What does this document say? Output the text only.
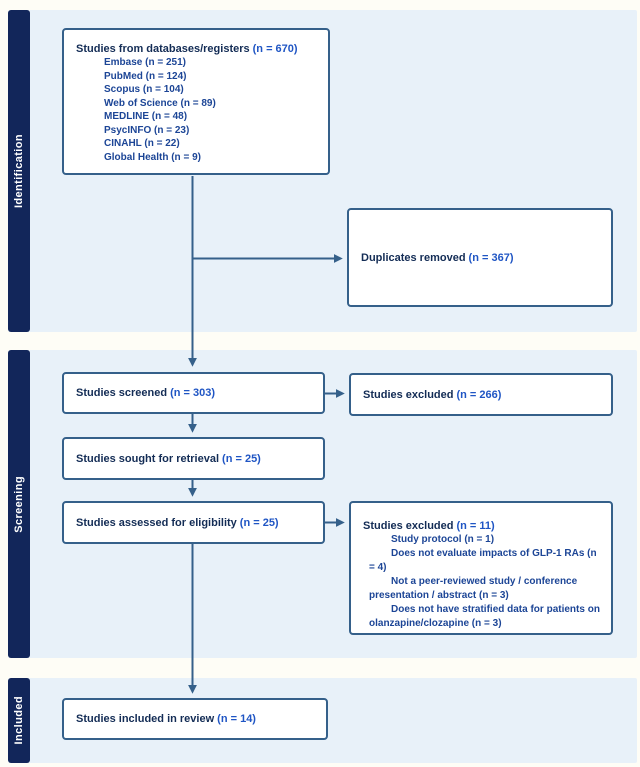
Identification
Screening
Included
Studies from databases/registers (n = 670)
Embase (n = 251)
PubMed (n = 124)
Scopus (n = 104)
Web of Science (n = 89)
MEDLINE (n = 48)
PsycINFO (n = 23)
CINAHL (n = 22)
Global Health (n = 9)
Duplicates removed (n = 367)
Studies screened (n = 303)	Studies excluded (n = 266)
Studies sought for retrieval (n = 25)
Studies assessed for eligibility (n = 25)	Studies excluded (n = 11)
Study protocol (n = 1)
Does not evaluate impacts of GLP-1 RAs (n = 4)
Not a peer-reviewed study / conference presentation / abstract (n = 3)
Does not have stratified data for patients on olanzapine/clozapine (n = 3)
Studies included in review (n = 14)
